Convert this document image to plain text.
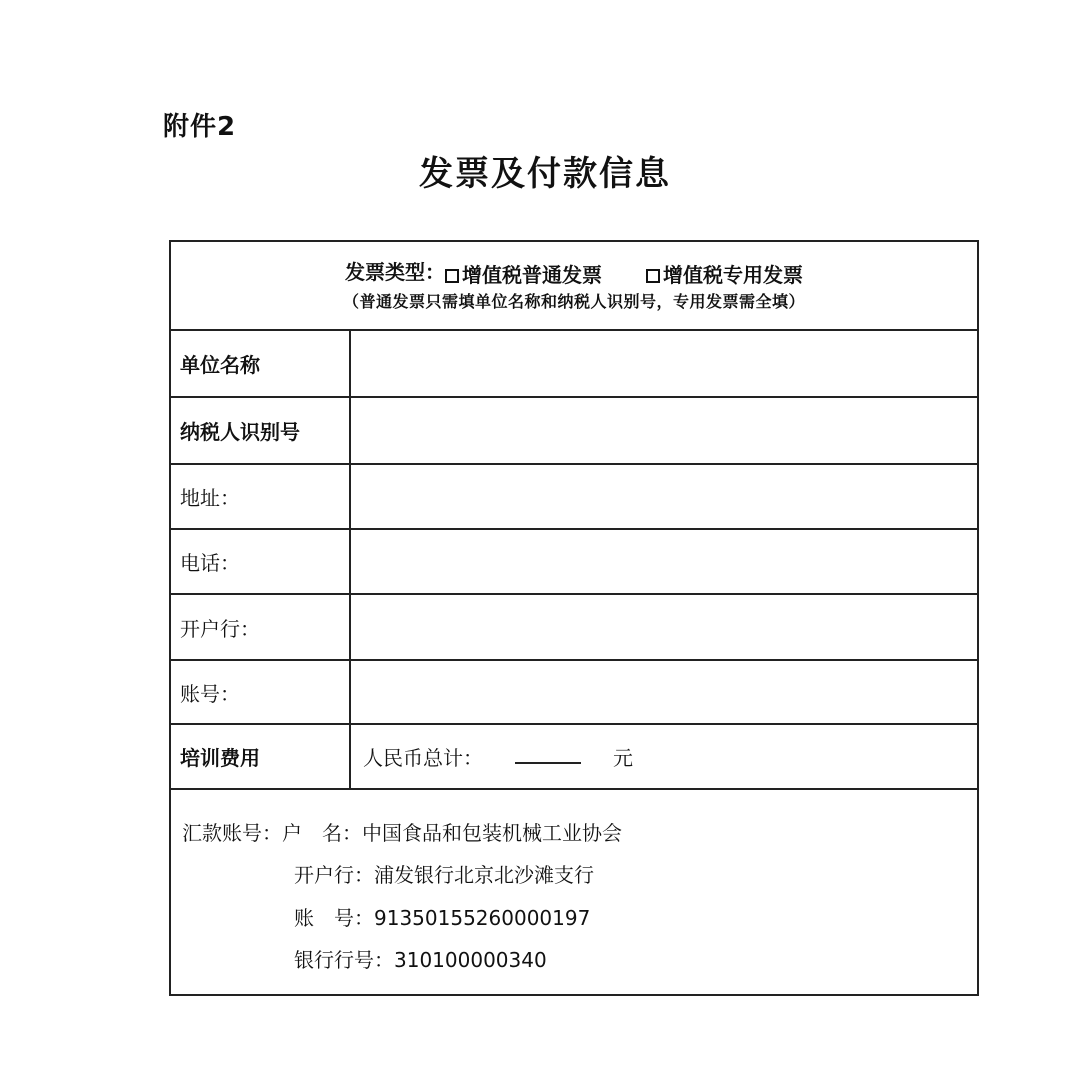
附件2
发票及付款信息
发票类型： 增值税普通发票	增值税专用发票
（普通发票只需填单位名称和纳税人识别号，专用发票需全填）
单位名称
纳税人识别号
地址：
电话：
开户行：
账号：
培训费用	人民币总计：	元
汇款账号：户　名：中国食品和包装机械工业协会
开户行：浦发银行北京北沙滩支行
账　号：91350155260000197
银行行号：310100000340
